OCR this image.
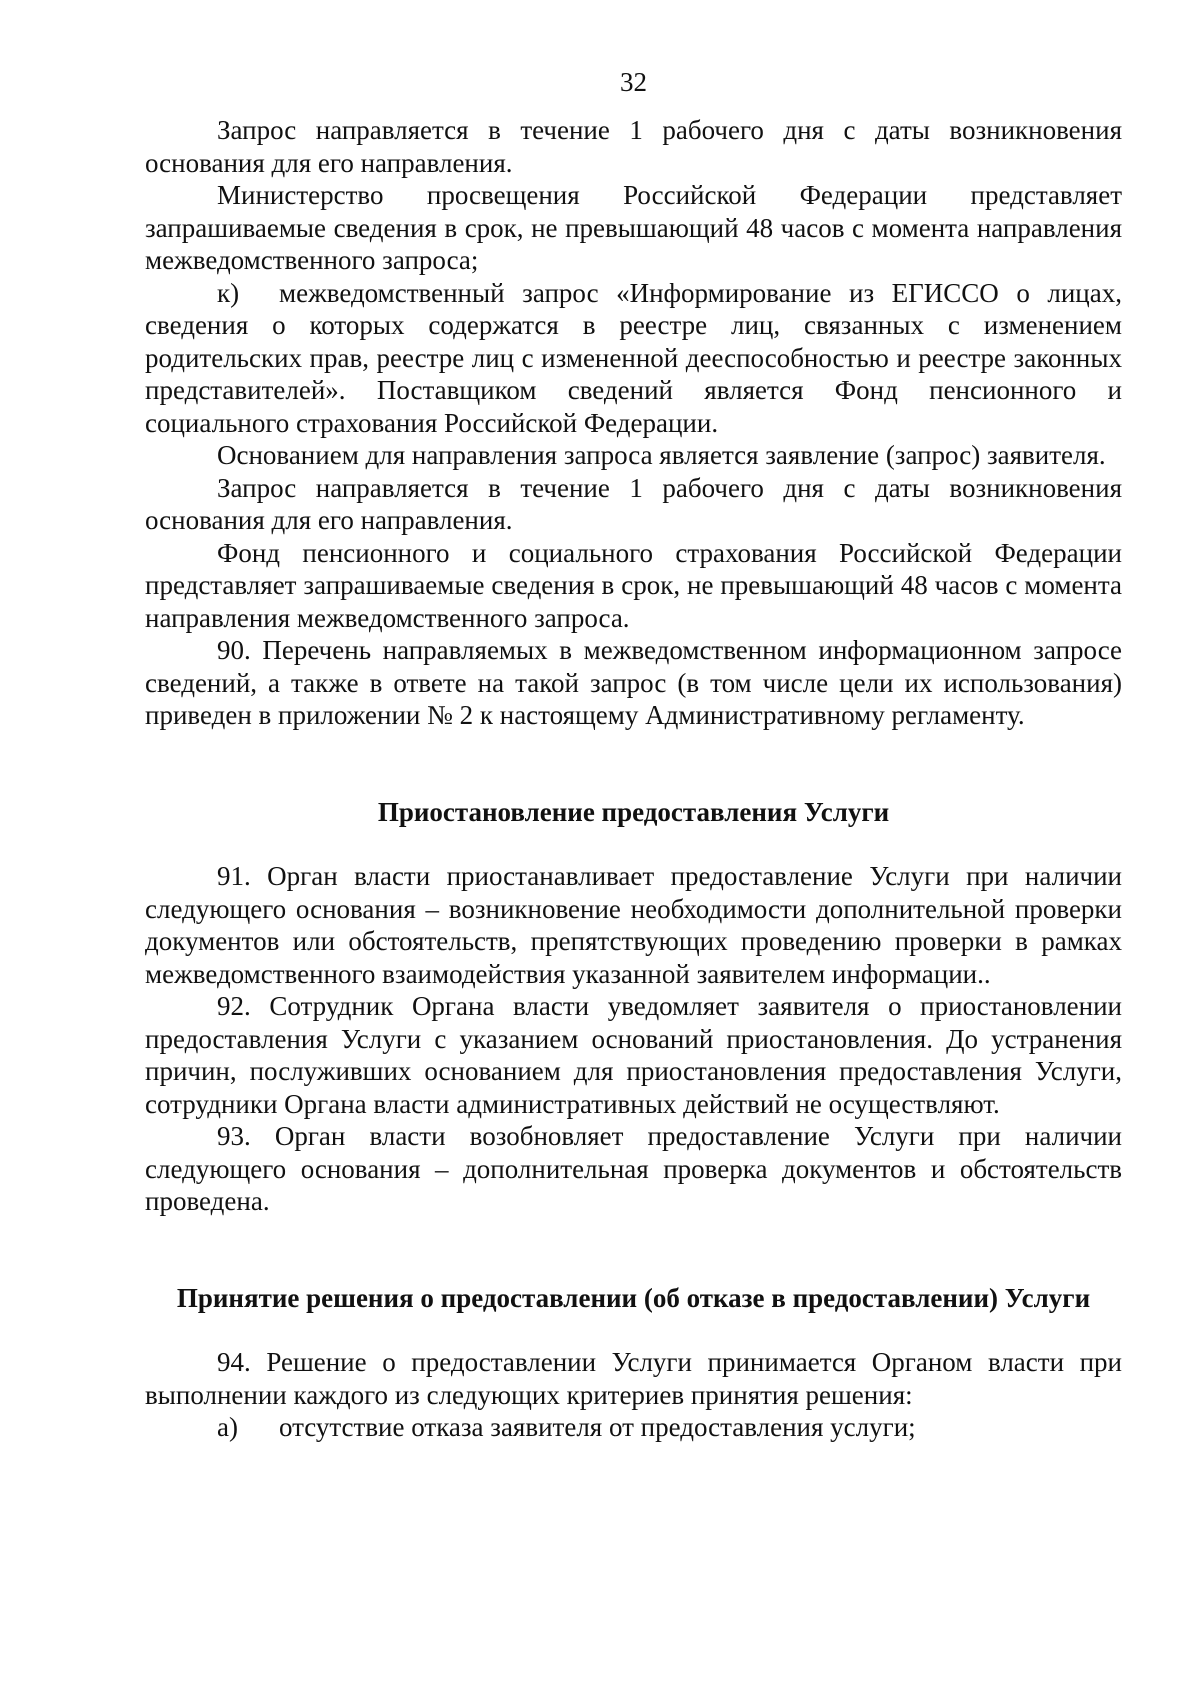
32

Запрос направляется в течение 1 рабочего дня с даты возникновения основания для его направления.

Министерство просвещения Российской Федерации представляет запрашиваемые сведения в срок, не превышающий 48 часов с момента направления межведомственного запроса;

к) межведомственный запрос «Информирование из ЕГИССО о лицах, сведения о которых содержатся в реестре лиц, связанных с изменением родительских прав, реестре лиц с измененной дееспособностью и реестре законных представителей». Поставщиком сведений является Фонд пенсионного и социального страхования Российской Федерации.

Основанием для направления запроса является заявление (запрос) заявителя.

Запрос направляется в течение 1 рабочего дня с даты возникновения основания для его направления.

Фонд пенсионного и социального страхования Российской Федерации представляет запрашиваемые сведения в срок, не превышающий 48 часов с момента направления межведомственного запроса.

90. Перечень направляемых в межведомственном информационном запросе сведений, а также в ответе на такой запрос (в том числе цели их использования) приведен в приложении № 2 к настоящему Административному регламенту.

Приостановление предоставления Услуги

91. Орган власти приостанавливает предоставление Услуги при наличии следующего основания – возникновение необходимости дополнительной проверки документов или обстоятельств, препятствующих проведению проверки в рамках межведомственного взаимодействия указанной заявителем информации..

92. Сотрудник Органа власти уведомляет заявителя о приостановлении предоставления Услуги с указанием оснований приостановления. До устранения причин, послуживших основанием для приостановления предоставления Услуги, сотрудники Органа власти административных действий не осуществляют.

93. Орган власти возобновляет предоставление Услуги при наличии следующего основания – дополнительная проверка документов и обстоятельств проведена.

Принятие решения о предоставлении (об отказе в предоставлении) Услуги

94. Решение о предоставлении Услуги принимается Органом власти при выполнении каждого из следующих критериев принятия решения:

а) отсутствие отказа заявителя от предоставления услуги;
